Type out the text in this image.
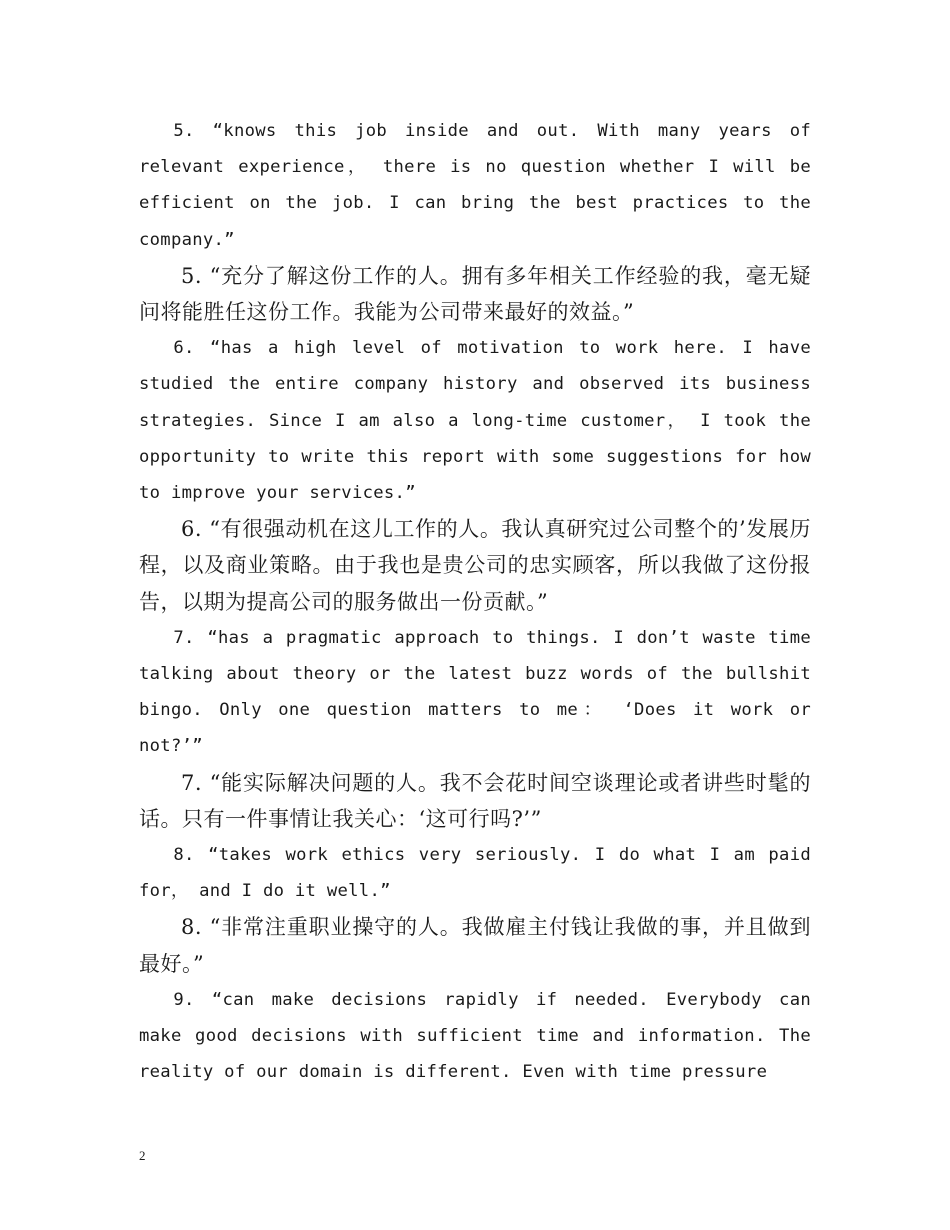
5. “knows this job inside and out. With many years of relevant experience， there is no question whether I will be efficient on the job. I can bring the best practices to the company.”

5. “充分了解这份工作的人。拥有多年相关工作经验的我，毫无疑问将能胜任这份工作。我能为公司带来最好的效益。”

6. “has a high level of motivation to work here. I have studied the entire company history and observed its business strategies. Since I am also a long-time customer， I took the opportunity to write this report with some suggestions for how to improve your services.”

6. “有很强动机在这儿工作的人。我认真研究过公司整个的’发展历程，以及商业策略。由于我也是贵公司的忠实顾客，所以我做了这份报告，以期为提高公司的服务做出一份贡献。”

7. “has a pragmatic approach to things. I don’t waste time talking about theory or the latest buzz words of the bullshit bingo. Only one question matters to me： ‘Does it work or not?’”

7. “能实际解决问题的人。我不会花时间空谈理论或者讲些时髦的话。只有一件事情让我关心：‘这可行吗?’”

8. “takes work ethics very seriously. I do what I am paid for， and I do it well.”

8. “非常注重职业操守的人。我做雇主付钱让我做的事，并且做到最好。”

9. “can make decisions rapidly if needed. Everybody can make good decisions with sufficient time and information. The reality of our domain is different. Even with time pressure

2
